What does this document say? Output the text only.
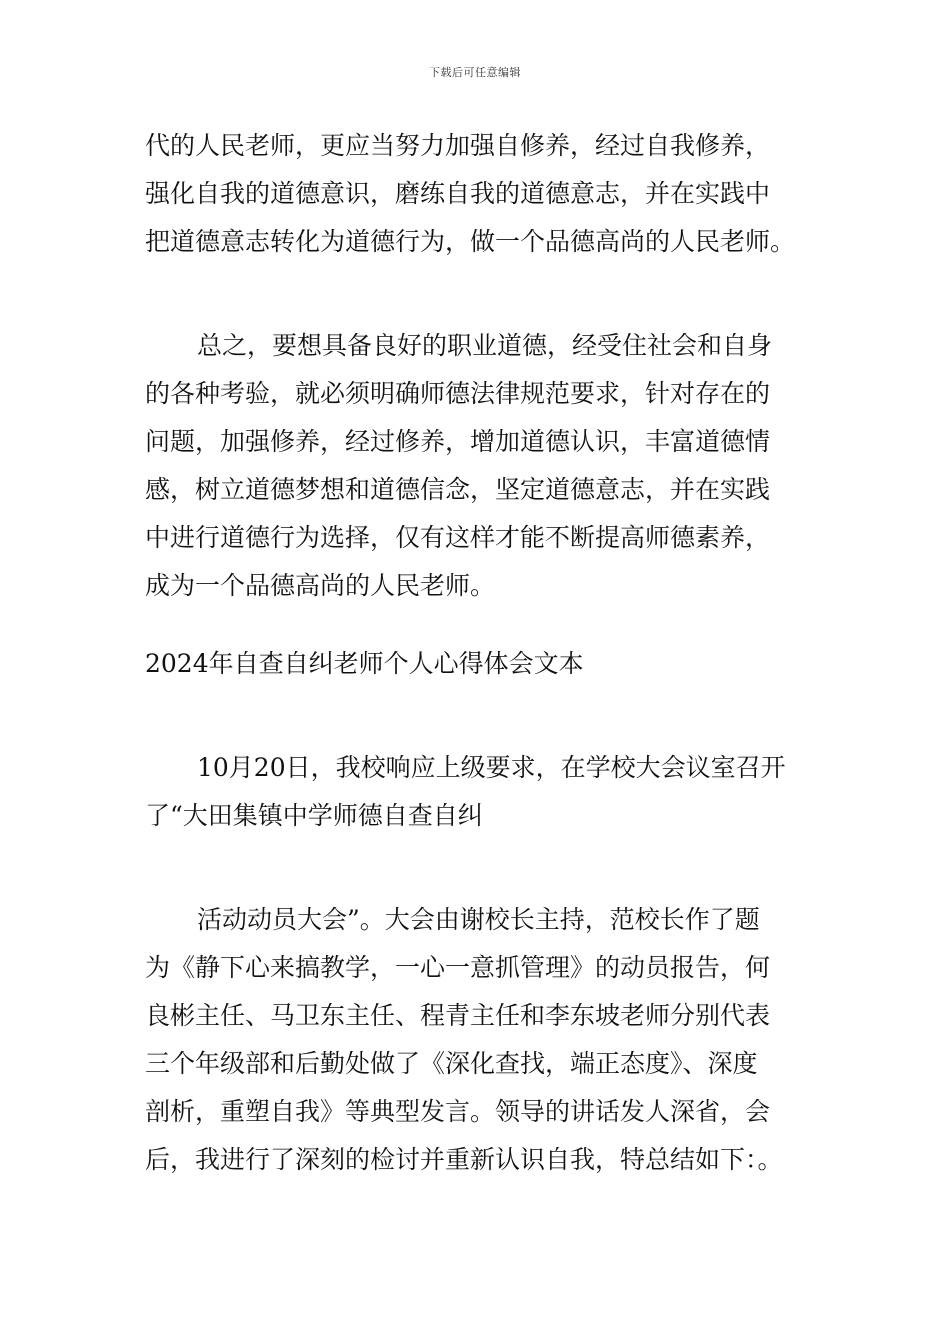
下载后可任意编辑
代的人民老师，更应当努力加强自修养，经过自我修养，
强化自我的道德意识，磨练自我的道德意志，并在实践中
把道德意志转化为道德行为，做一个品德高尚的人民老师。
总之，要想具备良好的职业道德，经受住社会和自身
的各种考验，就必须明确师德法律规范要求，针对存在的
问题，加强修养，经过修养，增加道德认识，丰富道德情
感，树立道德梦想和道德信念，坚定道德意志，并在实践
中进行道德行为选择，仅有这样才能不断提高师德素养，
成为一个品德高尚的人民老师。
2024年自查自纠老师个人心得体会文本
10月20日，我校响应上级要求，在学校大会议室召开
了“大田集镇中学师德自查自纠
活动动员大会”。大会由谢校长主持，范校长作了题
为《静下心来搞教学，一心一意抓管理》的动员报告，何
良彬主任、马卫东主任、程青主任和李东坡老师分别代表
三个年级部和后勤处做了《深化查找，端正态度》、深度
剖析，重塑自我》等典型发言。领导的讲话发人深省，会
后，我进行了深刻的检讨并重新认识自我，特总结如下：。
